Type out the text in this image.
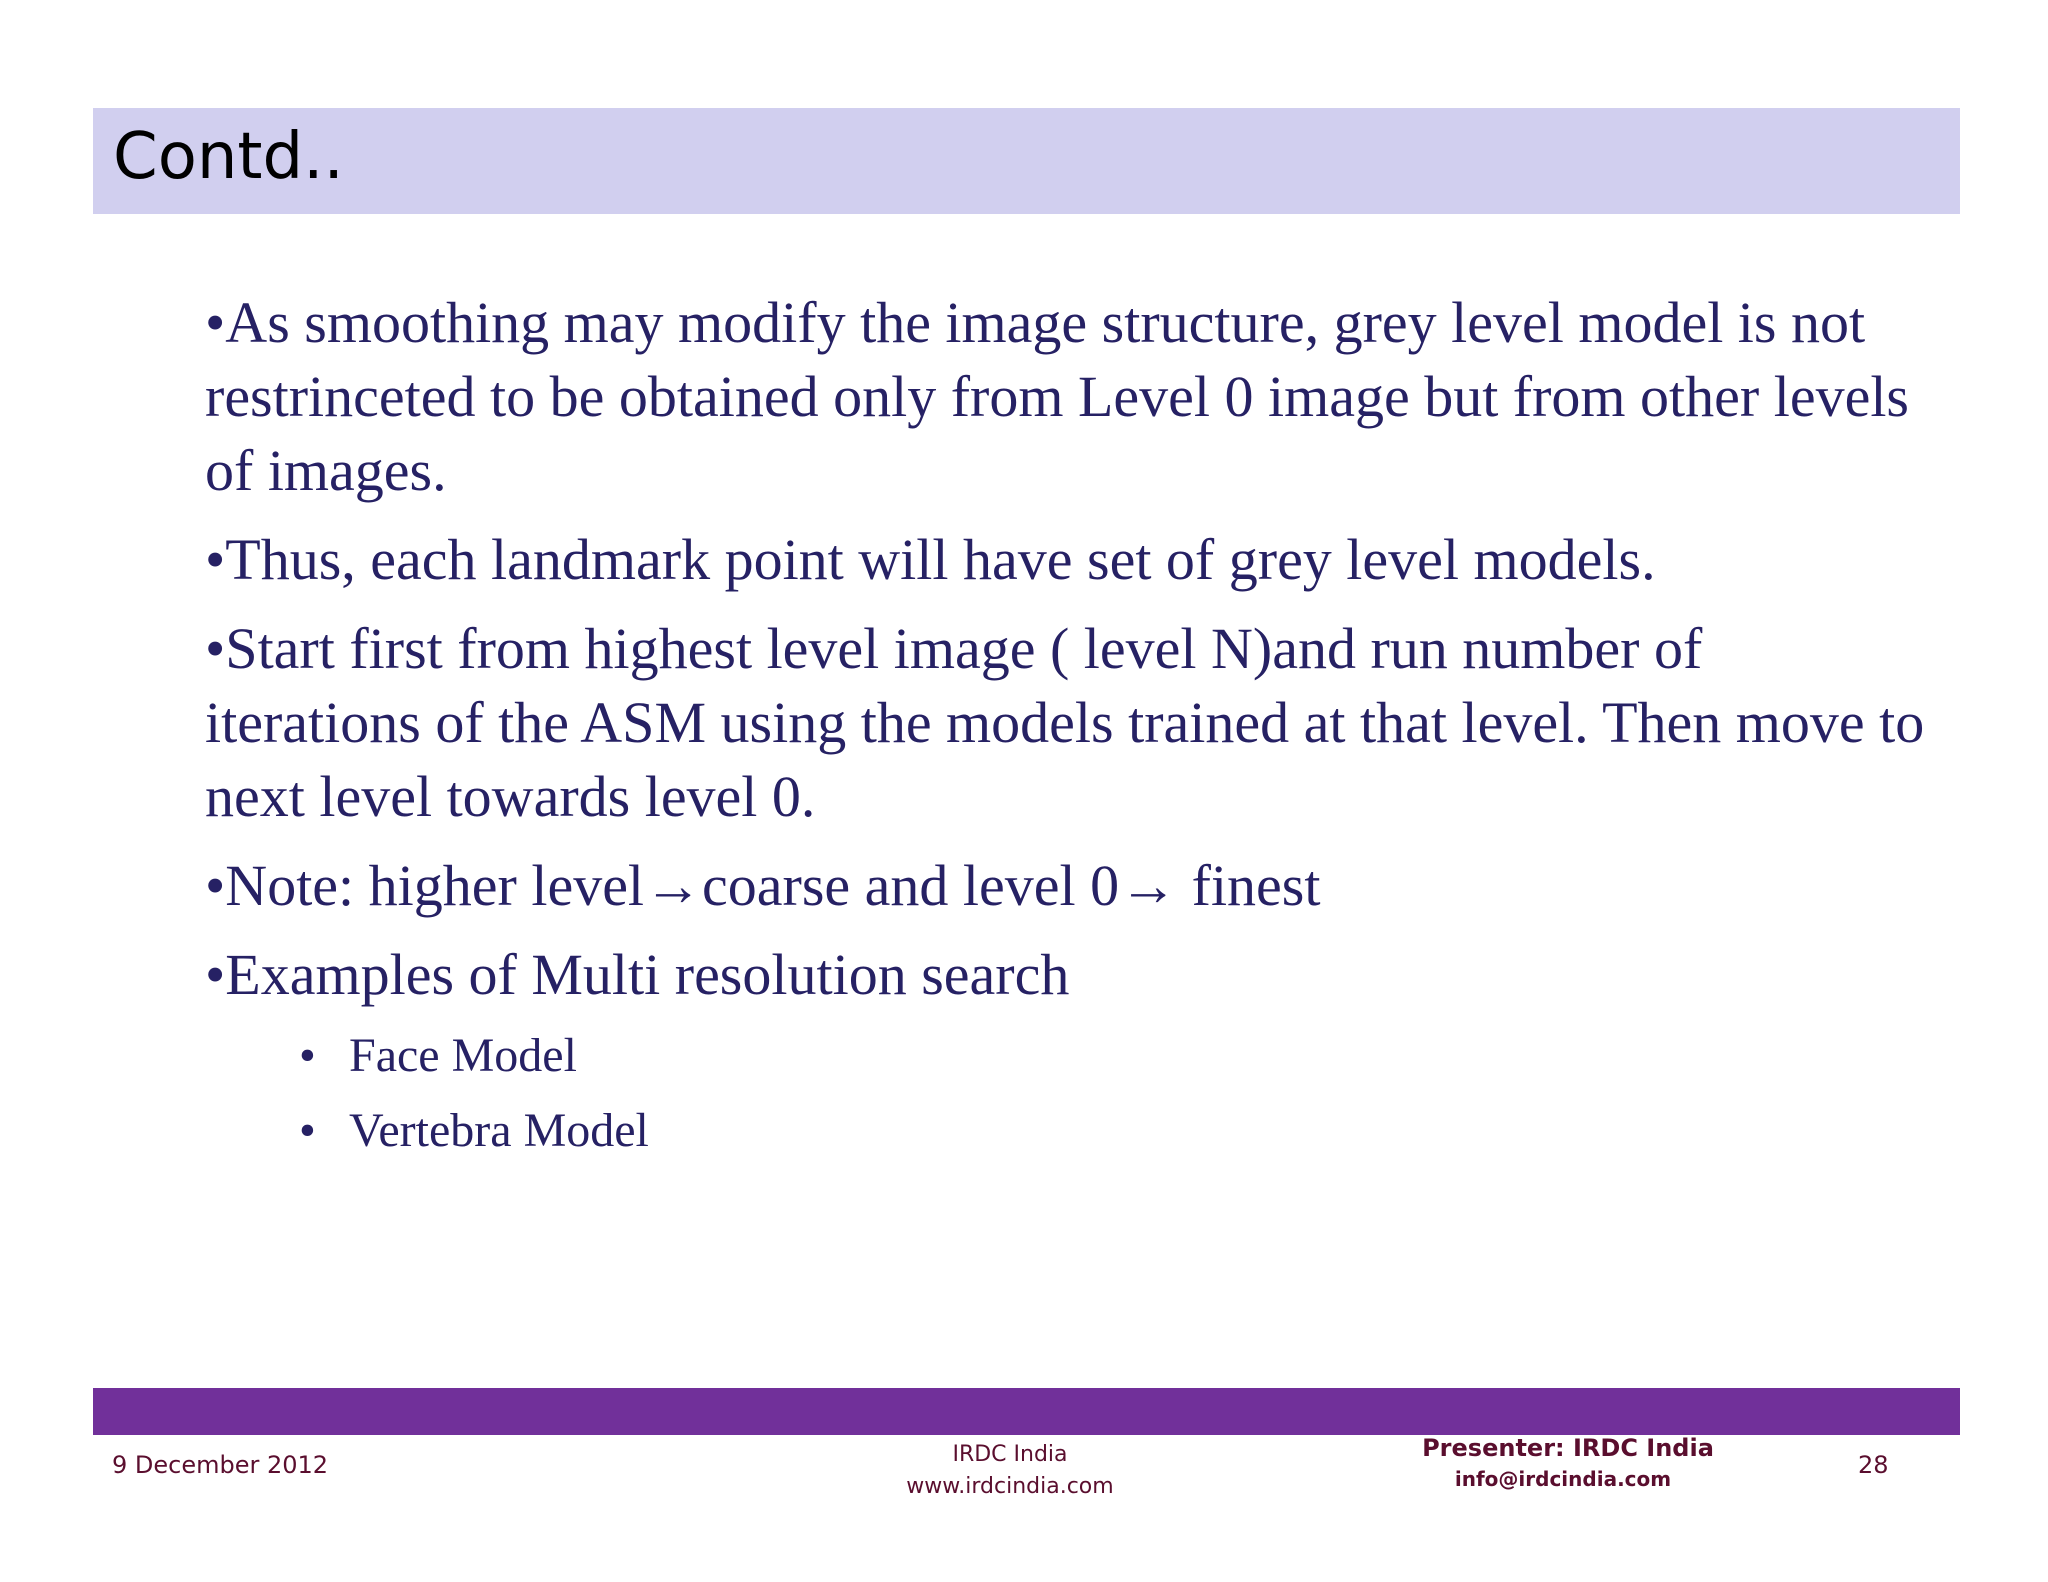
Contd..

•As smoothing may modify the image structure, grey level model is not restrinceted to be obtained only from Level 0 image but from other levels of images.

•Thus, each landmark point will have set of grey level models.

•Start first from highest level image ( level N)and run number of iterations of the ASM using the models trained at that level. Then move to next level towards level 0.

•Note: higher level→coarse and level 0→ finest

•Examples of Multi resolution search

• Face Model
• Vertebra Model
9 December 2012	IRDC India
www.irdcindia.com
Presenter: IRDC India
info@irdcindia.com	28
